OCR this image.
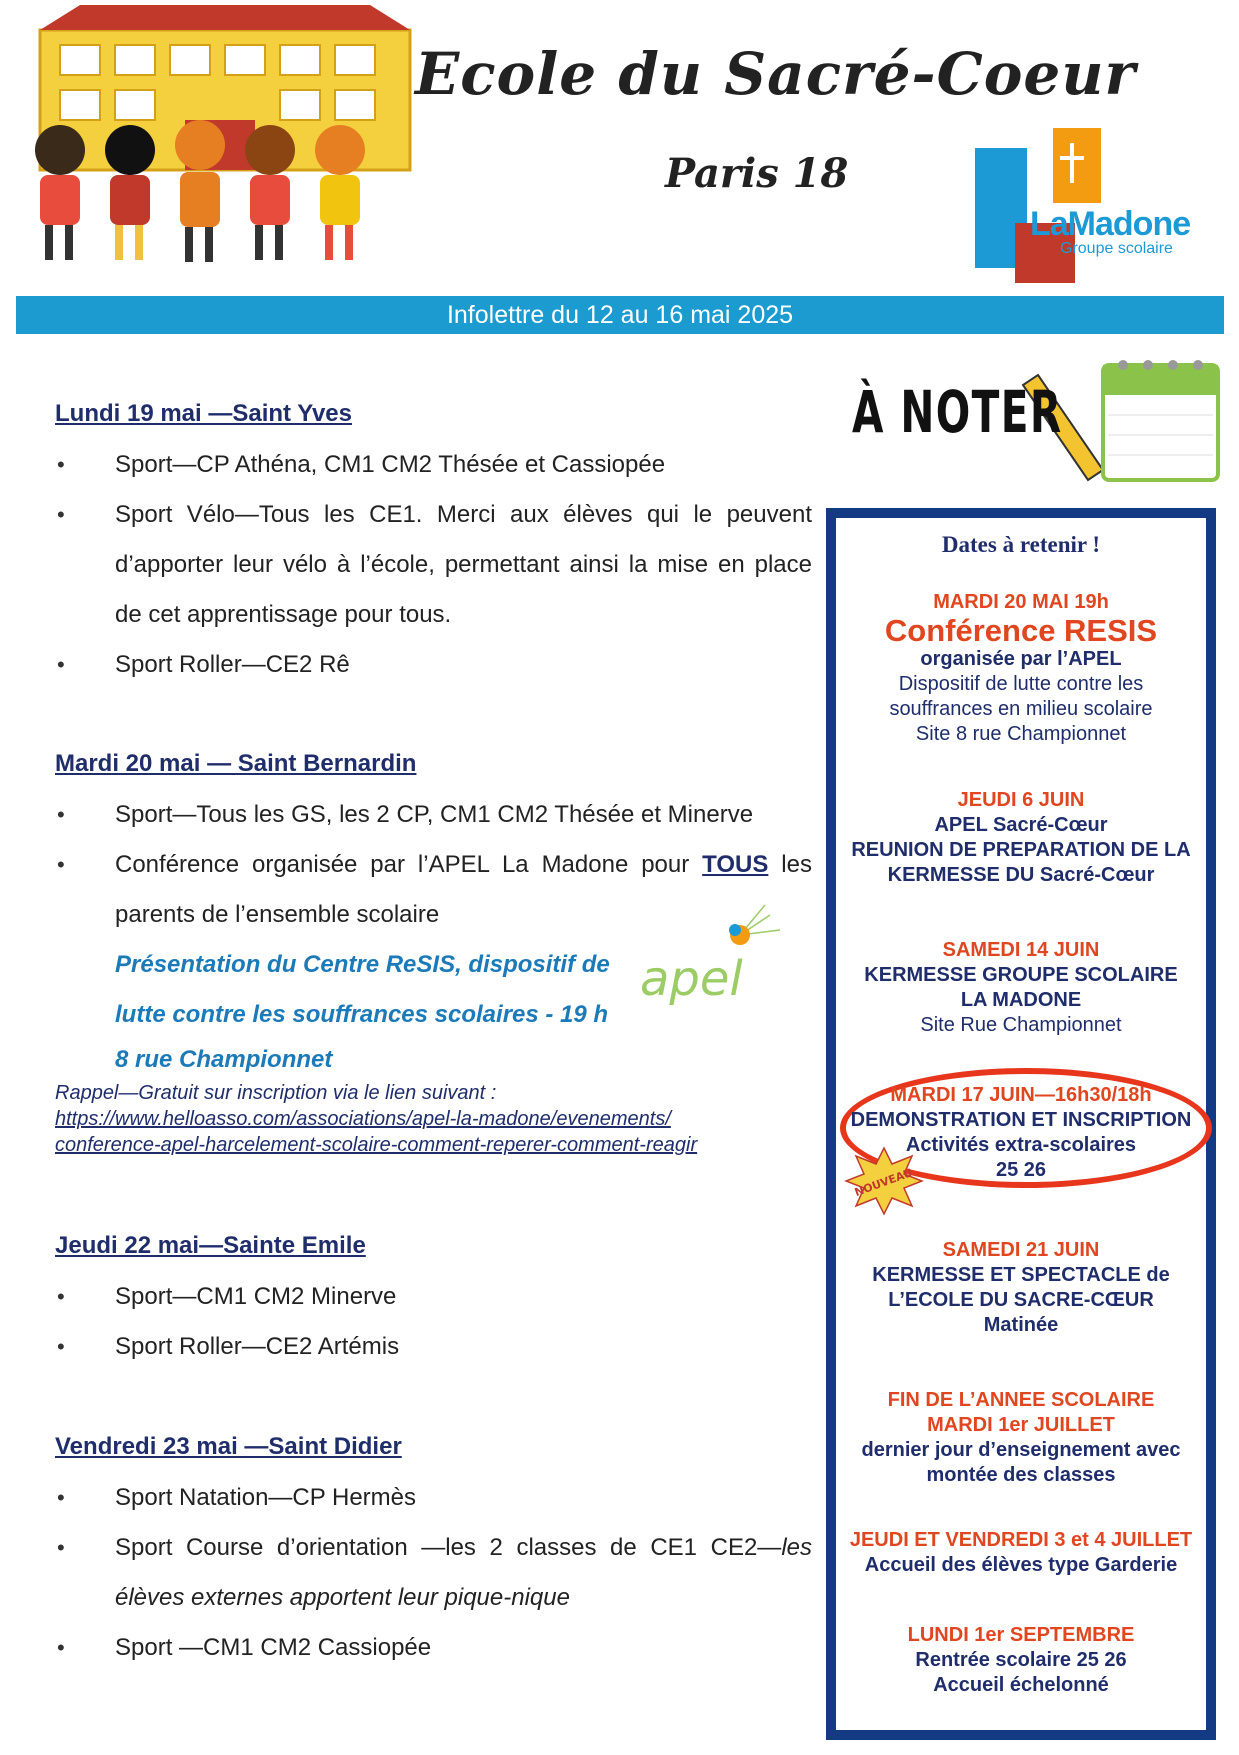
Ecole du Sacré-Coeur
Paris 18
LaMadone
Groupe scolaire
Infolettre du 12 au 16 mai 2025
À NOTER
Lundi 19 mai —Saint Yves
• Sport—CP Athéna, CM1 CM2 Thésée et Cassiopée
• Sport Vélo—Tous les CE1. Merci aux élèves qui le peuvent d’apporter leur vélo à l’école, permettant ainsi la mise en place de cet apprentissage pour tous.
• Sport Roller—CE2 Rê
Mardi 20 mai — Saint Bernardin
• Sport—Tous les GS, les 2 CP, CM1 CM2 Thésée et Minerve
• Conférence organisée par l’APEL La Madone pour TOUS les parents de l’ensemble scolaire
Présentation du Centre ReSIS, dispositif de
lutte contre les souffrances scolaires - 19 h
8 rue Championnet
Rappel—Gratuit sur inscription via le lien suivant :
https://www.helloasso.com/associations/apel-la-madone/evenements/
conference-apel-harcelement-scolaire-comment-reperer-comment-reagir
apel
Jeudi 22 mai—Sainte Emile
• Sport—CM1 CM2 Minerve
• Sport Roller—CE2 Artémis
Vendredi 23 mai —Saint Didier
• Sport Natation—CP Hermès
• Sport Course d’orientation —les 2 classes de CE1 CE2—les élèves externes apportent leur pique-nique
• Sport —CM1 CM2 Cassiopée
Dates à retenir !
MARDI 20 MAI 19h
Conférence RESIS
organisée par l’APEL
Dispositif de lutte contre les
souffrances en milieu scolaire
Site 8 rue Championnet
JEUDI 6 JUIN
APEL Sacré-Cœur
REUNION DE PREPARATION DE LA
KERMESSE DU Sacré-Cœur
SAMEDI 14 JUIN
KERMESSE GROUPE SCOLAIRE
LA MADONE
Site Rue Championnet
MARDI 17 JUIN—16h30/18h
DEMONSTRATION ET INSCRIPTION
Activités extra-scolaires
25 26
NOUVEAU
SAMEDI 21 JUIN
KERMESSE ET SPECTACLE de
L’ECOLE DU SACRE-CŒUR
Matinée
FIN DE L’ANNEE SCOLAIRE
MARDI 1er JUILLET
dernier jour d’enseignement avec
montée des classes
JEUDI ET VENDREDI 3 et 4 JUILLET
Accueil des élèves type Garderie
LUNDI 1er SEPTEMBRE
Rentrée scolaire 25 26
Accueil échelonné
